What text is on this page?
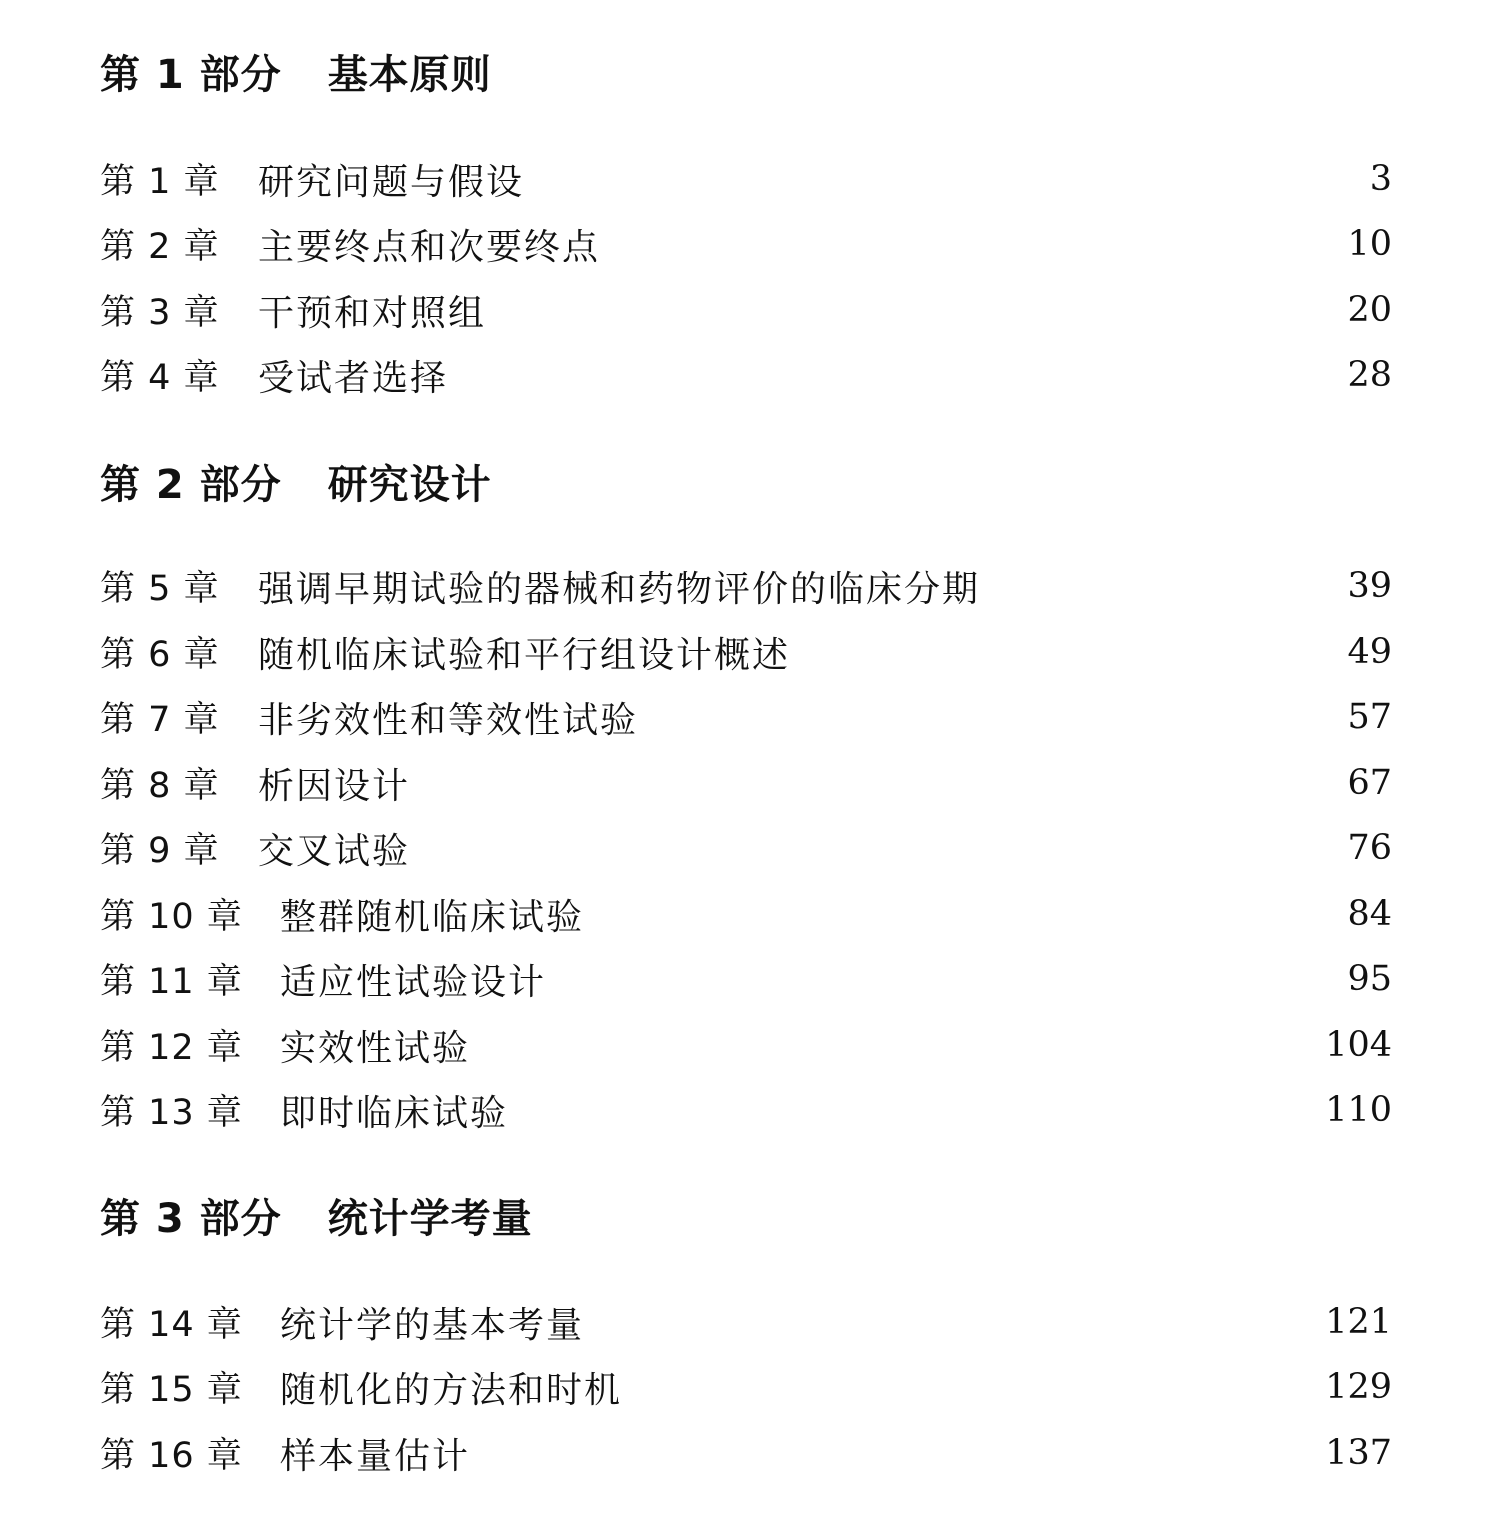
第 1 部分 基本原则
第 1 章	研究问题与假设	3
第 2 章	主要终点和次要终点	10
第 3 章	干预和对照组	20
第 4 章	受试者选择	28
第 2 部分 研究设计
第 5 章	强调早期试验的器械和药物评价的临床分期	39
第 6 章	随机临床试验和平行组设计概述	49
第 7 章	非劣效性和等效性试验	57
第 8 章	析因设计	67
第 9 章	交叉试验	76
第 10 章	整群随机临床试验	84
第 11 章	适应性试验设计	95
第 12 章	实效性试验	104
第 13 章	即时临床试验	110
第 3 部分 统计学考量
第 14 章	统计学的基本考量	121
第 15 章	随机化的方法和时机	129
第 16 章	样本量估计	137
